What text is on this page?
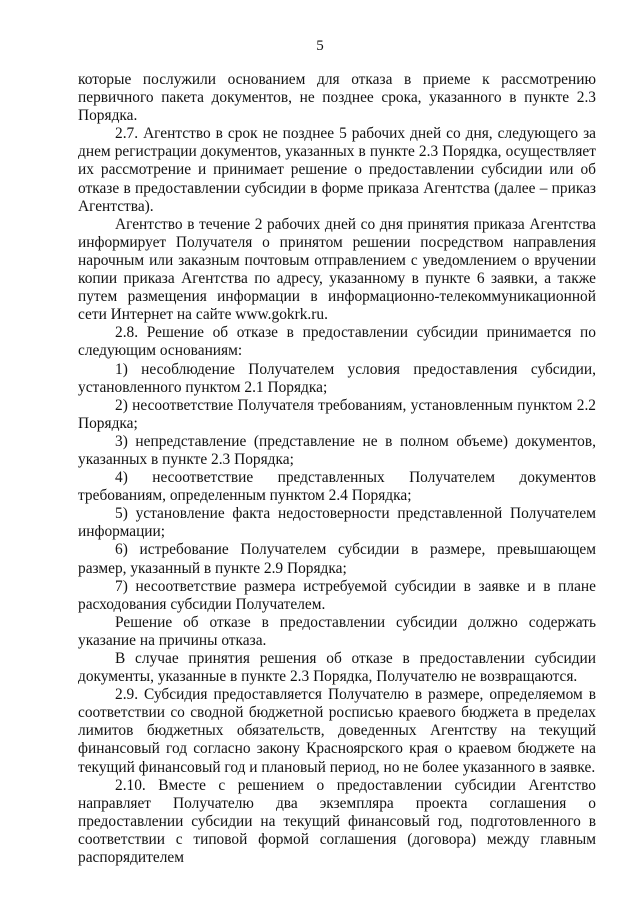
5

которые послужили основанием для отказа в приеме к рассмотрению первичного пакета документов, не позднее срока, указанного в пункте 2.3 Порядка.

2.7. Агентство в срок не позднее 5 рабочих дней со дня, следующего за днем регистрации документов, указанных в пункте 2.3 Порядка, осуществляет их рассмотрение и принимает решение о предоставлении субсидии или об отказе в предоставлении субсидии в форме приказа Агентства (далее – приказ Агентства).

Агентство в течение 2 рабочих дней со дня принятия приказа Агентства информирует Получателя о принятом решении посредством направления нарочным или заказным почтовым отправлением с уведомлением о вручении копии приказа Агентства по адресу, указанному в пункте 6 заявки, а также путем размещения информации в информационно-телекоммуникационной сети Интернет на сайте www.gokrk.ru.

2.8. Решение об отказе в предоставлении субсидии принимается по следующим основаниям:

1) несоблюдение Получателем условия предоставления субсидии, установленного пунктом 2.1 Порядка;

2) несоответствие Получателя требованиям, установленным пунктом 2.2 Порядка;

3) непредставление (представление не в полном объеме) документов, указанных в пункте 2.3 Порядка;

4) несоответствие представленных Получателем документов требованиям, определенным пунктом 2.4 Порядка;

5) установление факта недостоверности представленной Получателем информации;

6) истребование Получателем субсидии в размере, превышающем размер, указанный в пункте 2.9 Порядка;

7) несоответствие размера истребуемой субсидии в заявке и в плане расходования субсидии Получателем.

Решение об отказе в предоставлении субсидии должно содержать указание на причины отказа.

В случае принятия решения об отказе в предоставлении субсидии документы, указанные в пункте 2.3 Порядка, Получателю не возвращаются.

2.9. Субсидия предоставляется Получателю в размере, определяемом в соответствии со сводной бюджетной росписью краевого бюджета в пределах лимитов бюджетных обязательств, доведенных Агентству на текущий финансовый год согласно закону Красноярского края о краевом бюджете на текущий финансовый год и плановый период, но не более указанного в заявке.

2.10. Вместе с решением о предоставлении субсидии Агентство направляет Получателю два экземпляра проекта соглашения о предоставлении субсидии на текущий финансовый год, подготовленного в соответствии с типовой формой соглашения (договора) между главным распорядителем
